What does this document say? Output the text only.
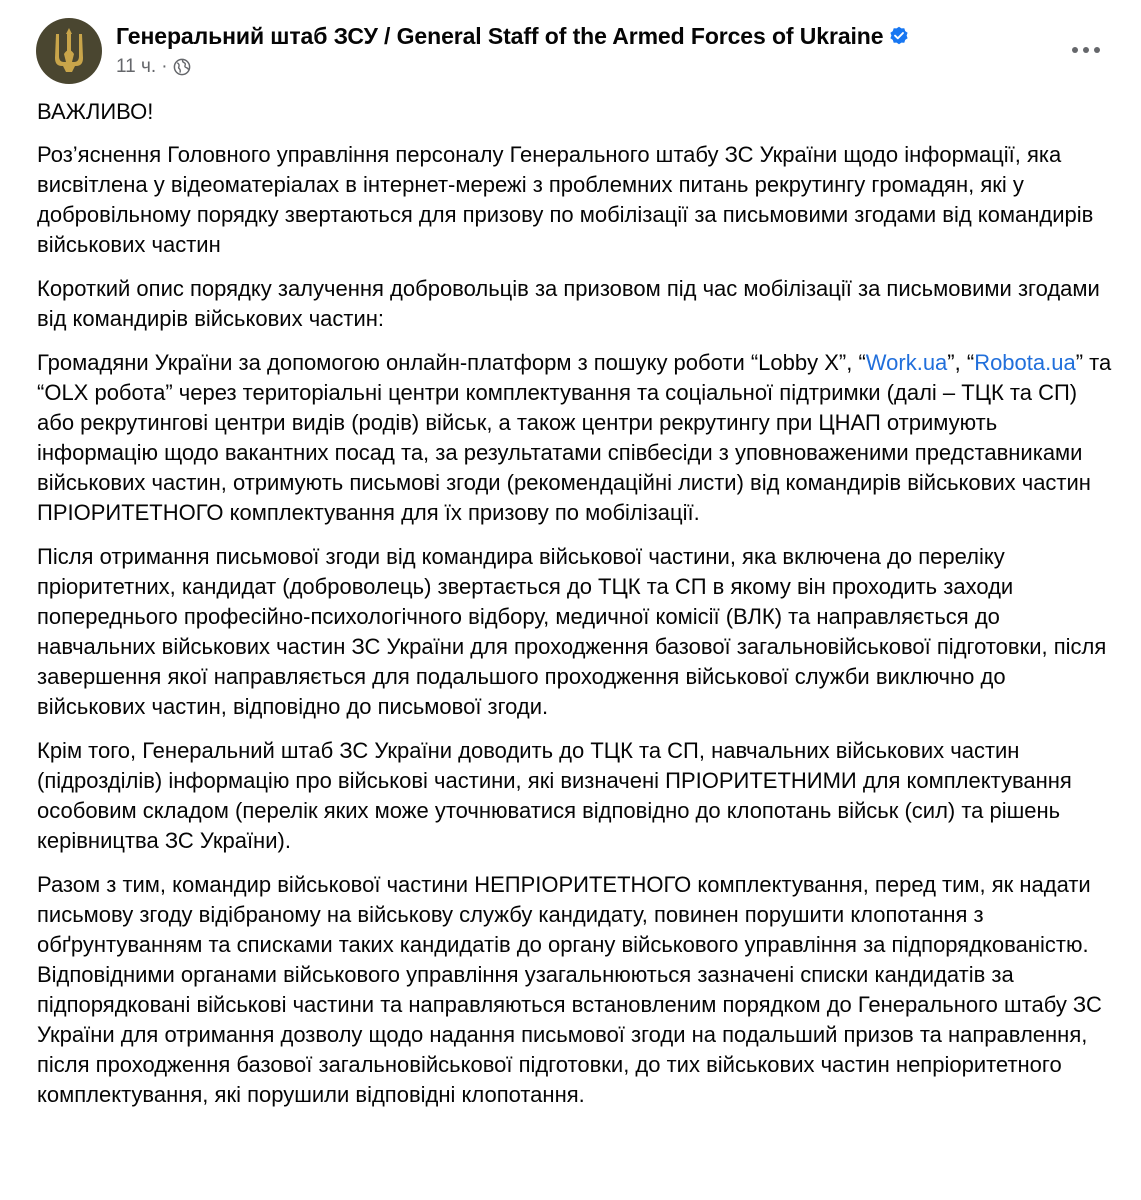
Генеральний штаб ЗСУ / General Staff of the Armed Forces of Ukraine
11 ч. ·

ВАЖЛИВО!

Роз’яснення Головного управління персоналу Генерального штабу ЗС України щодо інформації, яка висвітлена у відеоматеріалах в інтернет-мережі з проблемних питань рекрутингу громадян, які у добровільному порядку звертаються для призову по мобілізації за письмовими згодами від командирів військових частин

Короткий опис порядку залучення добровольців за призовом під час мобілізації за письмовими згодами від командирів військових частин:

Громадяни України за допомогою онлайн-платформ з пошуку роботи “Lobby X”, “Work.ua”, “Robota.ua” та “OLX робота” через територіальні центри комплектування та соціальної підтримки (далі – ТЦК та СП) або рекрутингові центри видів (родів) військ, а також центри рекрутингу при ЦНАП отримують інформацію щодо вакантних посад та, за результатами співбесіди з уповноваженими представниками військових частин, отримують письмові згоди (рекомендаційні листи) від командирів військових частин ПРІОРИТЕТНОГО комплектування для їх призову по мобілізації.

Після отримання письмової згоди від командира військової частини, яка включена до переліку пріоритетних, кандидат (доброволець) звертається до ТЦК та СП в якому він проходить заходи попереднього професійно-психологічного відбору, медичної комісії (ВЛК) та направляється до навчальних військових частин ЗС України для проходження базової загальновійськової підготовки, після завершення якої направляється для подальшого проходження військової служби виключно до військових частин, відповідно до письмової згоди.

Крім того, Генеральний штаб ЗС України доводить до ТЦК та СП, навчальних військових частин (підрозділів) інформацію про військові частини, які визначені ПРІОРИТЕТНИМИ для комплектування особовим складом (перелік яких може уточнюватися відповідно до клопотань військ (сил) та рішень керівництва ЗС України).

Разом з тим, командир військової частини НЕПРІОРИТЕТНОГО комплектування, перед тим, як надати письмову згоду відібраному на військову службу кандидату, повинен порушити клопотання з обґрунтуванням та списками таких кандидатів до органу військового управління за підпорядкованістю. Відповідними органами військового управління узагальнюються зазначені списки кандидатів за підпорядковані військові частини та направляються встановленим порядком до Генерального штабу ЗС України для отримання дозволу щодо надання письмової згоди на подальший призов та направлення, після проходження базової загальновійськової підготовки, до тих військових частин непріоритетного комплектування, які порушили відповідні клопотання.
